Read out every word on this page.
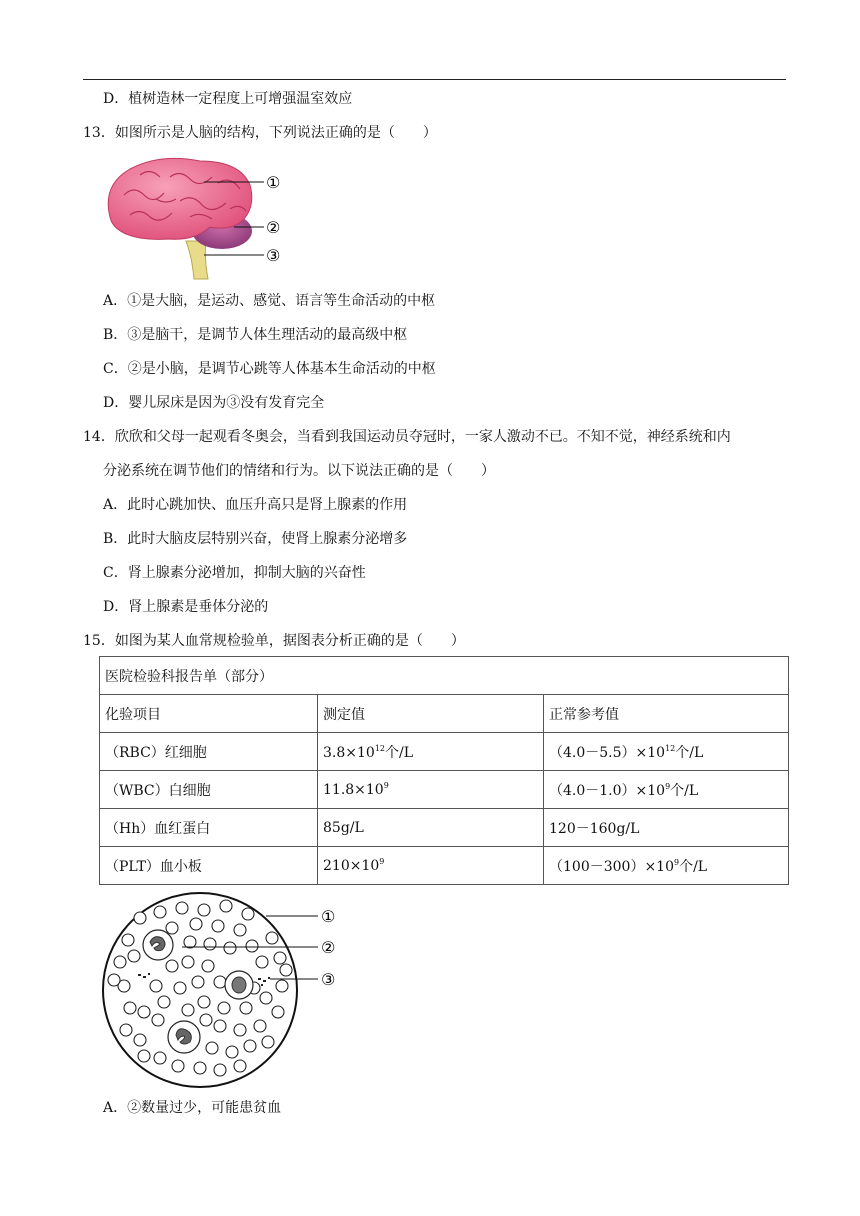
D．植树造林一定程度上可增强温室效应
13．如图所示是人脑的结构，下列说法正确的是（　　）
①
②
③
A．①是大脑，是运动、感觉、语言等生命活动的中枢
B．③是脑干，是调节人体生理活动的最高级中枢
C．②是小脑，是调节心跳等人体基本生命活动的中枢
D．婴儿尿床是因为③没有发育完全
14．欣欣和父母一起观看冬奥会，当看到我国运动员夺冠时，一家人激动不已。不知不觉，神经系统和内
分泌系统在调节他们的情绪和行为。以下说法正确的是（　　）
A．此时心跳加快、血压升高只是肾上腺素的作用
B．此时大脑皮层特别兴奋，使肾上腺素分泌增多
C．肾上腺素分泌增加，抑制大脑的兴奋性
D．肾上腺素是垂体分泌的
15．如图为某人血常规检验单，据图表分析正确的是（　　）
医院检验科报告单（部分）		
化验项目	测定值	正常参考值
（RBC）红细胞	$3.8\times 10^{12}$个/L	$(4.0-5.5)\times 10^{12}$个/L
（WBC）白细胞	$11.8\times 10^9$	$(4.0-1.0)\times 10^9$个/L
（Hh）血红蛋白	85g/L	120－160g/L
（PLT）血小板	$210\times 10^9$	$(100-300)\times 10^9$个/L
①
②
③
A．②数量过少，可能患贫血
